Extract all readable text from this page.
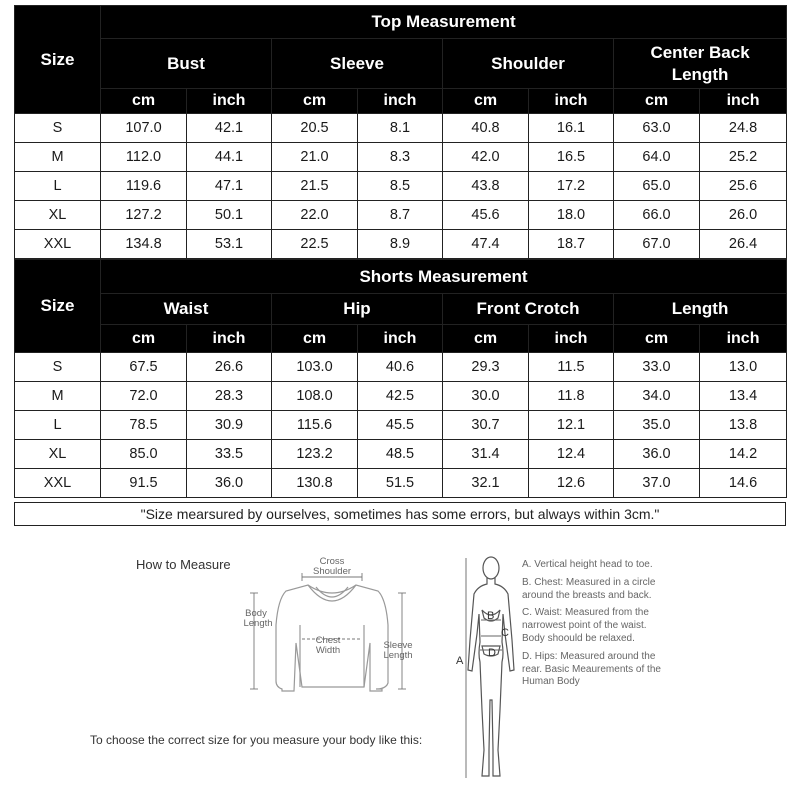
Size	Top Measurement							
	Bust		Sleeve		Shoulder		Center Back
Length	
	cm	inch	cm	inch	cm	inch	cm	inch
S	107.0	42.1	20.5	8.1	40.8	16.1	63.0	24.8
M	112.0	44.1	21.0	8.3	42.0	16.5	64.0	25.2
L	119.6	47.1	21.5	8.5	43.8	17.2	65.0	25.6
XL	127.2	50.1	22.0	8.7	45.6	18.0	66.0	26.0
XXL	134.8	53.1	22.5	8.9	47.4	18.7	67.0	26.4
Size	Shorts Measurement							
	Waist		Hip		Front Crotch		Length	
	cm	inch	cm	inch	cm	inch	cm	inch
S	67.5	26.6	103.0	40.6	29.3	11.5	33.0	13.0
M	72.0	28.3	108.0	42.5	30.0	11.8	34.0	13.4
L	78.5	30.9	115.6	45.5	30.7	12.1	35.0	13.8
XL	85.0	33.5	123.2	48.5	31.4	12.4	36.0	14.2
XXL	91.5	36.0	130.8	51.5	32.1	12.6	37.0	14.6
"Size mearsured by ourselves, sometimes has some errors, but always within 3cm."
How to Measure	Cross
Shoulder
Body
Length
Chest
Width	Sleeve
Length
To choose the correct size for you measure your body like this:
A
B
C
D
A. Vertical height head to toe.
B. Chest: Measured in a circle around the breasts and back.
C. Waist: Measured from the narrowest point of the waist. Body shoould be relaxed.
D. Hips: Measured around the rear. Basic Meaurements of the Human Body
